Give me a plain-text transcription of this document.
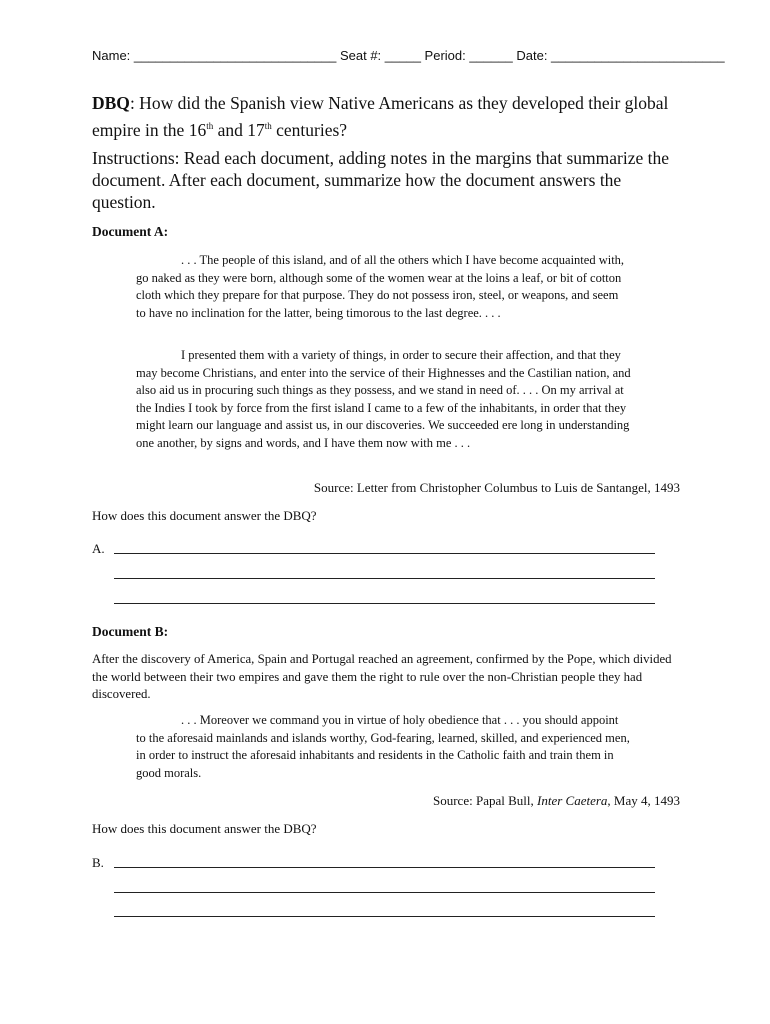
Name: ____________________________ Seat #: _____ Period: ______ Date: ________________________
DBQ: How did the Spanish view Native Americans as they developed their global empire in the 16th and 17th centuries?
Instructions: Read each document, adding notes in the margins that summarize the document. After each document, summarize how the document answers the question.
Document A:

. . . The people of this island, and of all the others which I have become acquainted with, go naked as they were born, although some of the women wear at the loins a leaf, or bit of cotton cloth which they prepare for that purpose. They do not possess iron, steel, or weapons, and seem to have no inclination for the latter, being timorous to the last degree. . . .

I presented them with a variety of things, in order to secure their affection, and that they may become Christians, and enter into the service of their Highnesses and the Castilian nation, and also aid us in procuring such things as they possess, and we stand in need of. . . . On my arrival at the Indies I took by force from the first island I came to a few of the inhabitants, in order that they might learn our language and assist us, in our discoveries. We succeeded ere long in understanding one another, by signs and words, and I have them now with me . . .

Source: Letter from Christopher Columbus to Luis de Santangel, 1493
How does this document answer the DBQ?
A.
Document B:
After the discovery of America, Spain and Portugal reached an agreement, confirmed by the Pope, which divided the world between their two empires and gave them the right to rule over the non-Christian people they had discovered.

. . . Moreover we command you in virtue of holy obedience that . . . you should appoint to the aforesaid mainlands and islands worthy, God-fearing, learned, skilled, and experienced men, in order to instruct the aforesaid inhabitants and residents in the Catholic faith and train them in good morals.

Source: Papal Bull, Inter Caetera, May 4, 1493
How does this document answer the DBQ?
B.
